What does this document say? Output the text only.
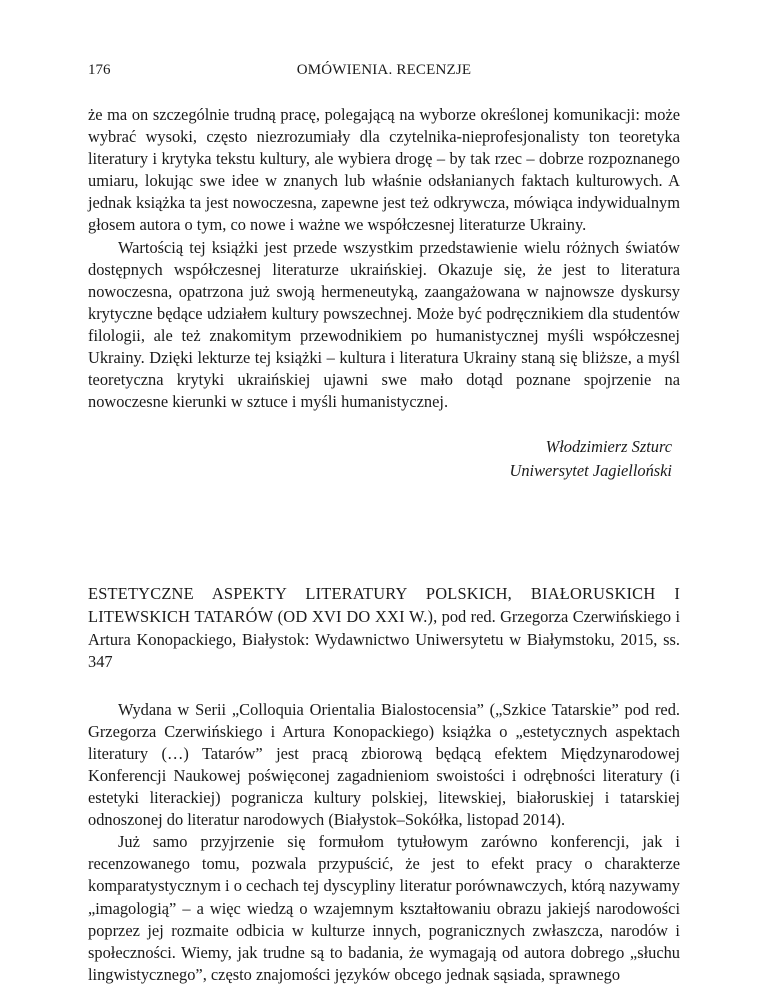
176	OMÓWIENIA. RECENZJE

że ma on szczególnie trudną pracę, polegającą na wyborze określonej komunikacji: może wybrać wysoki, często niezrozumiały dla czytelnika-nieprofesjonalisty ton teoretyka literatury i krytyka tekstu kultury, ale wybiera drogę – by tak rzec – dobrze rozpoznanego umiaru, lokując swe idee w znanych lub właśnie odsłanianych faktach kulturowych. A jednak książka ta jest nowoczesna, zapewne jest też odkrywcza, mówiąca indywidualnym głosem autora o tym, co nowe i ważne we współczesnej literaturze Ukrainy.

Wartością tej książki jest przede wszystkim przedstawienie wielu różnych światów dostępnych współczesnej literaturze ukraińskiej. Okazuje się, że jest to literatura nowoczesna, opatrzona już swoją hermeneutyką, zaangażowana w najnowsze dyskursy krytyczne będące udziałem kultury powszechnej. Może być podręcznikiem dla studentów filologii, ale też znakomitym przewodnikiem po humanistycznej myśli współczesnej Ukrainy. Dzięki lekturze tej książki – kultura i literatura Ukrainy staną się bliższe, a myśl teoretyczna krytyki ukraińskiej ujawni swe mało dotąd poznane spojrzenie na nowoczesne kierunki w sztuce i myśli humanistycznej.

Włodzimierz Szturc
Uniwersytet Jagielloński

ESTETYCZNE ASPEKTY LITERATURY POLSKICH, BIAŁORUSKICH I LITEWSKICH TATARÓW (OD XVI DO XXI W.), pod red. Grzegorza Czerwińskiego i Artura Konopackiego, Białystok: Wydawnictwo Uniwersytetu w Białymstoku, 2015, ss. 347

Wydana w Serii „Colloquia Orientalia Bialostocensia” („Szkice Tatarskie” pod red. Grzegorza Czerwińskiego i Artura Konopackiego) książka o „estetycznych aspektach literatury (…) Tatarów” jest pracą zbiorową będącą efektem Międzynarodowej Konferencji Naukowej poświęconej zagadnieniom swoistości i odrębności literatury (i estetyki literackiej) pogranicza kultury polskiej, litewskiej, białoruskiej i tatarskiej odnoszonej do literatur narodowych (Białystok–Sokółka, listopad 2014).

Już samo przyjrzenie się formułom tytułowym zarówno konferencji, jak i recenzowanego tomu, pozwala przypuścić, że jest to efekt pracy o charakterze komparatystycznym i o cechach tej dyscypliny literatur porównawczych, którą nazywamy „imagologią” – a więc wiedzą o wzajemnym kształtowaniu obrazu jakiejś narodowości poprzez jej rozmaite odbicia w kulturze innych, pogranicznych zwłaszcza, narodów i społeczności. Wiemy, jak trudne są to badania, że wymagają od autora dobrego „słuchu lingwistycznego”, często znajomości języków obcego jednak sąsiada, sprawnego
